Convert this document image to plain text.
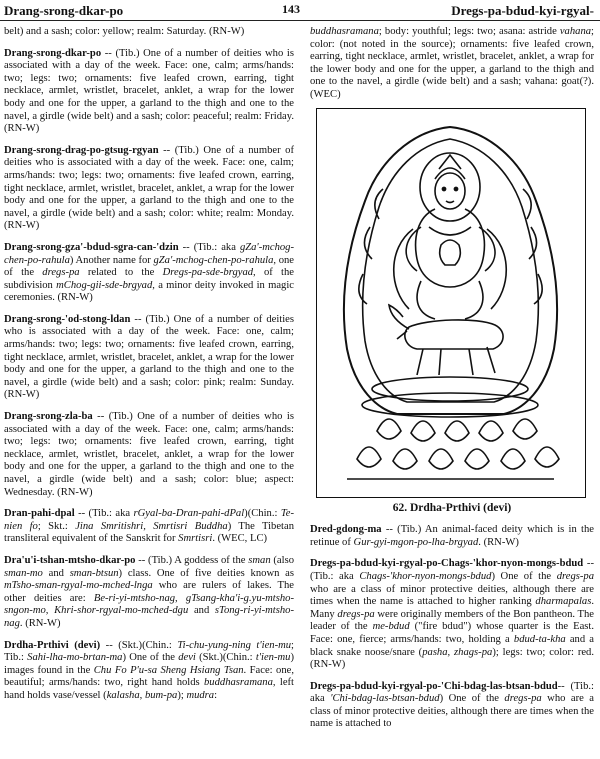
Drang-srong-dkar-po	143	Dregs-pa-bdud-kyi-rgyal-

belt) and a sash; color: yellow; realm: Saturday. (RN-W)

Drang-srong-dkar-po -- (Tib.) One of a number of deities who is associated with a day of the week. Face: one, calm; arms/hands: two; legs: two; ornaments: five leafed crown, earring, tight necklace, armlet, wristlet, bracelet, anklet, a wrap for the lower body and one for the upper, a garland to the thigh and one to the navel, a girdle (wide belt) and a sash; color: peaceful; realm: Friday. (RN-W)

Drang-srong-drag-po-gtsug-rgyan -- (Tib.) One of a number of deities who is associated with a day of the week. Face: one, calm; arms/hands: two; legs: two; ornaments: five leafed crown, earring, tight necklace, armlet, wristlet, bracelet, anklet, a wrap for the lower body and one for the upper, a garland to the thigh and one to the navel, a girdle (wide belt) and a sash; color: white; realm: Monday. (RN-W)

Drang-srong-gza'-bdud-sgra-can-'dzin -- (Tib.: aka gZa'-mchog-chen-po-rahula) Another name for gZa'-mchog-chen-po-rahula, one of the dregs-pa related to the Dregs-pa-sde-brgyad, of the subdivision mChog-gii-sde-brgyad, a minor deity invoked in magic ceremonies. (RN-W)

Drang-srong-'od-stong-ldan -- (Tib.) One of a number of deities who is associated with a day of the week. Face: one, calm; arms/hands: two; legs: two; ornaments: five leafed crown, earring, tight necklace, armlet, wristlet, bracelet, anklet, a wrap for the lower body and one for the upper, a garland to the thigh and one to the navel, a girdle (wide belt) and a sash; color: pink; realm: Sunday. (RN-W)

Drang-srong-zla-ba -- (Tib.) One of a number of deities who is associated with a day of the week. Face: one, calm; arms/hands: two; legs: two; ornaments: five leafed crown, earring, tight necklace, armlet, wristlet, bracelet, anklet, a wrap for the lower body and one for the upper, a garland to the thigh and one to the navel, a girdle (wide belt) and a sash; color: blue; aspect: Wednesday. (RN-W)

Dran-pahi-dpal -- (Tib.: aka rGyal-ba-Dran-pahi-dPal)(Chin.: Te-nien fo; Skt.: Jina Smritishri, Smrtisri Buddha) The Tibetan transliteral equivalent of the Sanskrit for Smrtisri. (WEC, LC)

Dra'u'i-tshan-mtsho-dkar-po -- (Tib.) A goddess of the sman (also sman-mo and sman-btsun) class. One of five deities known as mTsho-sman-rgyal-mo-mched-lnga who are rulers of lakes. The other deities are: Be-ri-yi-mtsho-nag, gTsang-kha'i-g.yu-mtsho-sngon-mo, Khri-shor-rgyal-mo-mched-dgu and sTong-ri-yi-mtsho-nag. (RN-W)

Drdha-Prthivi (devi) -- (Skt.)(Chin.: Ti-chu-yung-ning t'ien-mu; Tib.: Sahi-lha-mo-brtan-ma) One of the devi (Skt.)(Chin.: t'ien-mu) images found in the Chu Fo P'u-sa Sheng Hsiang Tsan. Face: one, beautiful; arms/hands: two, right hand holds buddhasramana, left hand holds vase/vessel (kalasha, bum-pa); mudra:

buddhasramana; body: youthful; legs: two; asana: astride vahana; color: (not noted in the source); ornaments: five leafed crown, earring, tight necklace, armlet, wristlet, bracelet, anklet, a wrap for the lower body and one for the upper, a garland to the thigh and one to the navel, a girdle (wide belt) and a sash; vahana: goat(?). (WEC)

62. Drdha-Prthivi (devi)

Dred-gdong-ma -- (Tib.) An animal-faced deity which is in the retinue of Gur-gyi-mgon-po-lha-brgyad. (RN-W)

Dregs-pa-bdud-kyi-rgyal-po-Chags-'khor-nyon-mongs-bdud -- (Tib.: aka Chags-'khor-nyon-mongs-bdud) One of the dregs-pa who are a class of minor protective deities, although there are times when the name is attached to higher ranking dharmapalas. Many dregs-pa were originally members of the Bon pantheon. The leader of the me-bdud ("fire bdud") whose quarter is the East. Face: one, fierce; arms/hands: two, holding a bdud-ta-kha and a black snake noose/snare (pasha, zhags-pa); legs: two; color: red. (RN-W)

Dregs-pa-bdud-kyi-rgyal-po-'Chi-bdag-las-btsan-bdud-- (Tib.: aka 'Chi-bdag-las-btsan-bdud) One of the dregs-pa who are a class of minor protective deities, although there are times when the name is attached to
